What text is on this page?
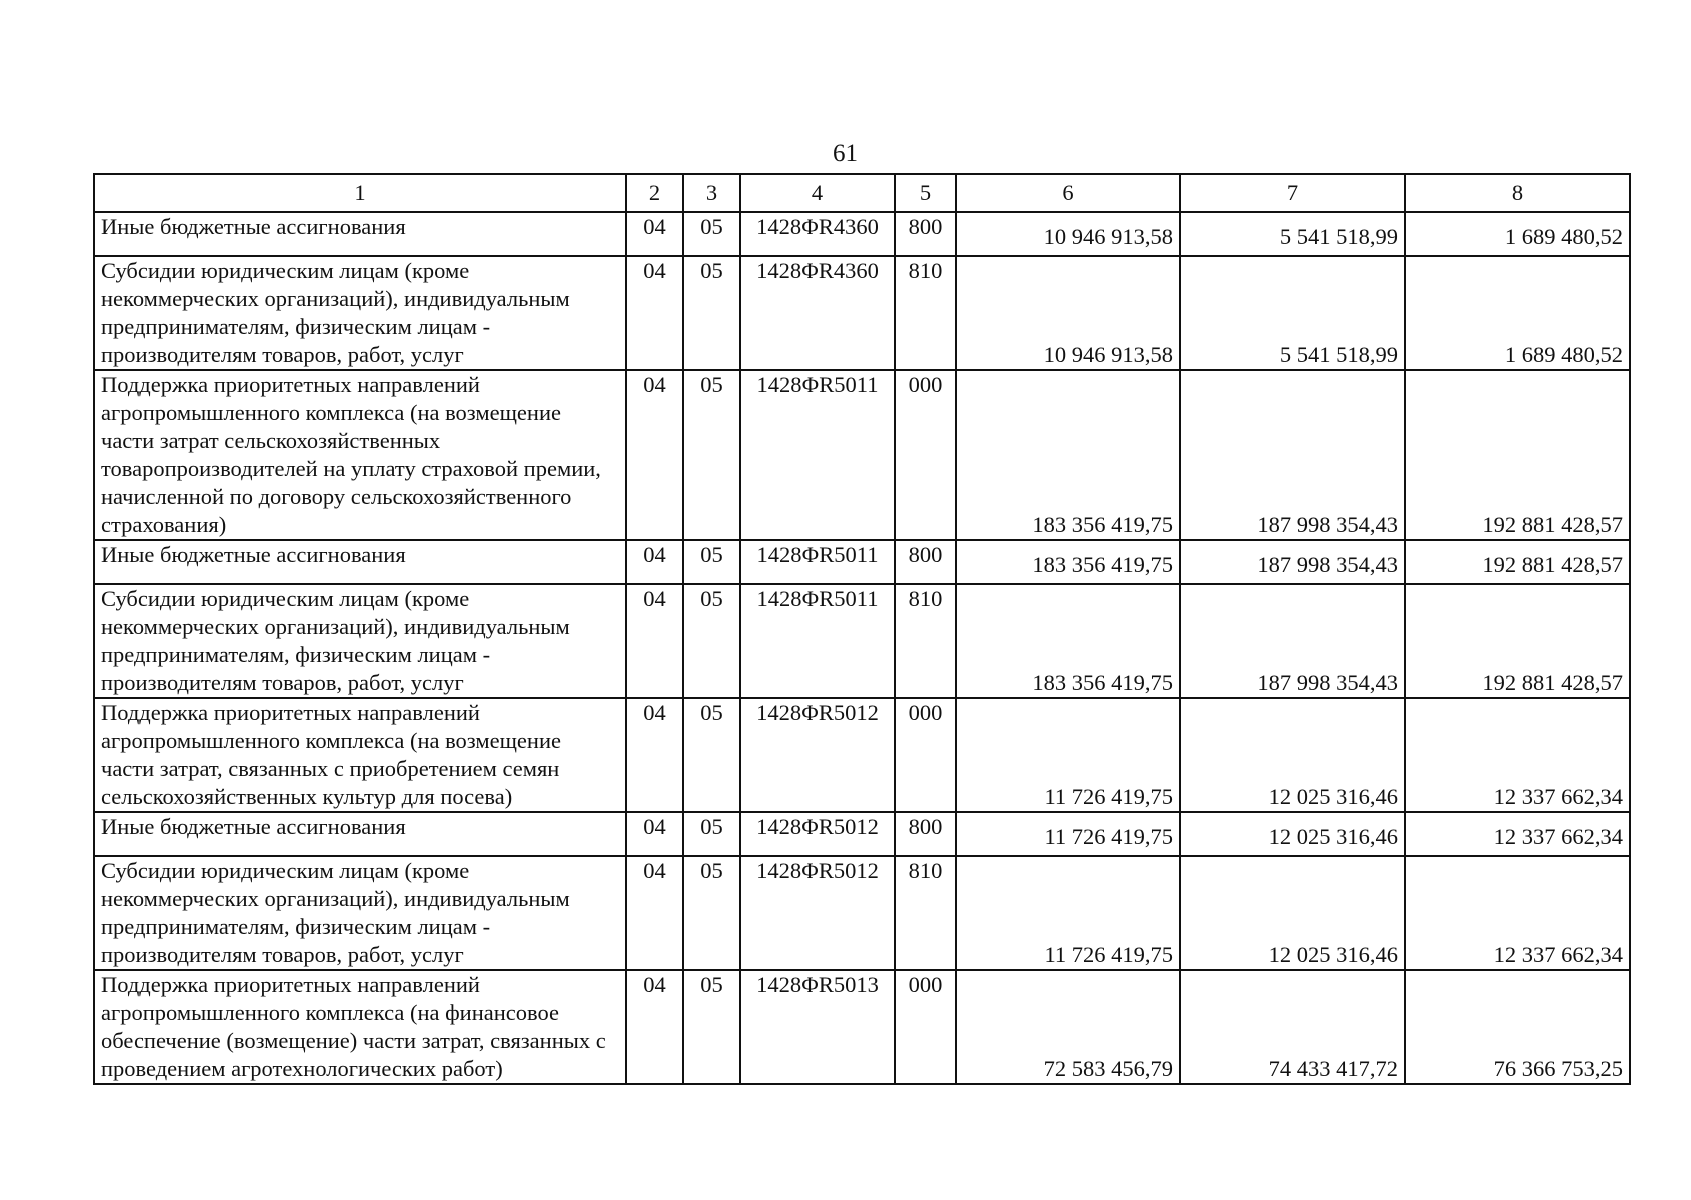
61
1	2	3	4	5	6	7	8
Иные бюджетные ассигнования	04	05	1428ФR4360	800	10 946 913,58	5 541 518,99	1 689 480,52
Субсидии юридическим лицам (кроме некоммерческих организаций), индивидуальным предпринимателям, физическим лицам - производителям товаров, работ, услуг	04	05	1428ФR4360	810	10 946 913,58	5 541 518,99	1 689 480,52
Поддержка приоритетных направлений агропромышленного комплекса (на возмещение части затрат сельскохозяйственных товаропроизводителей на уплату страховой премии, начисленной по договору сельскохозяйственного страхования)	04	05	1428ФR5011	000	183 356 419,75	187 998 354,43	192 881 428,57
Иные бюджетные ассигнования	04	05	1428ФR5011	800	183 356 419,75	187 998 354,43	192 881 428,57
Субсидии юридическим лицам (кроме некоммерческих организаций), индивидуальным предпринимателям, физическим лицам - производителям товаров, работ, услуг	04	05	1428ФR5011	810	183 356 419,75	187 998 354,43	192 881 428,57
Поддержка приоритетных направлений агропромышленного комплекса (на возмещение части затрат, связанных с приобретением семян сельскохозяйственных культур для посева)	04	05	1428ФR5012	000	11 726 419,75	12 025 316,46	12 337 662,34
Иные бюджетные ассигнования	04	05	1428ФR5012	800	11 726 419,75	12 025 316,46	12 337 662,34
Субсидии юридическим лицам (кроме некоммерческих организаций), индивидуальным предпринимателям, физическим лицам - производителям товаров, работ, услуг	04	05	1428ФR5012	810	11 726 419,75	12 025 316,46	12 337 662,34
Поддержка приоритетных направлений агропромышленного комплекса (на финансовое обеспечение (возмещение) части затрат, связанных с проведением агротехнологических работ)	04	05	1428ФR5013	000	72 583 456,79	74 433 417,72	76 366 753,25
